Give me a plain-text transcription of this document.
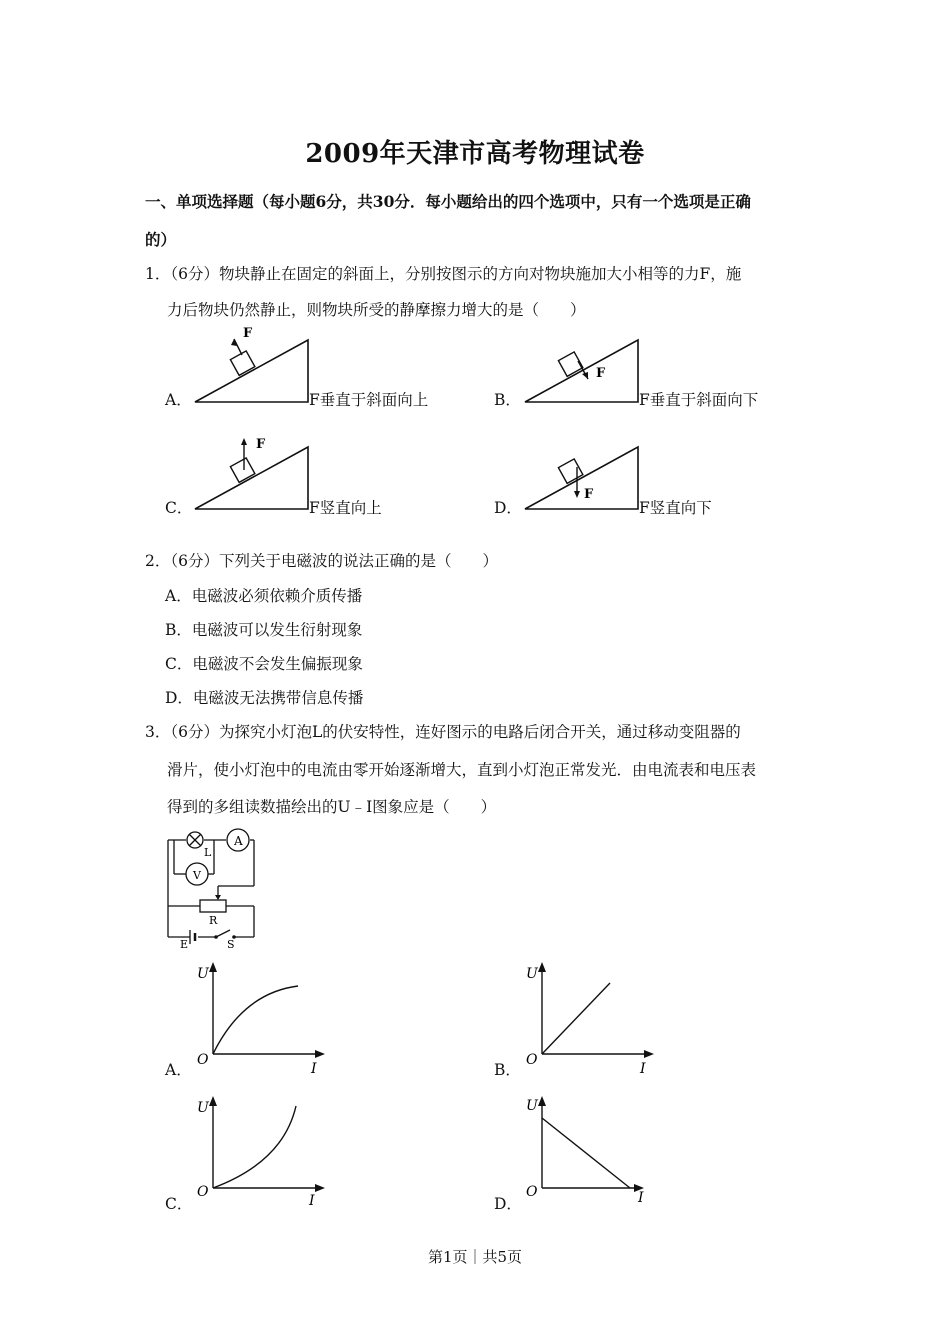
2009年天津市高考物理试卷
一、单项选择题（每小题6分，共30分．每小题给出的四个选项中，只有一个选项是正确
的）
1．（6分）物块静止在固定的斜面上，分别按图示的方向对物块施加大小相等的力F，施
力后物块仍然静止，则物块所受的静摩擦力增大的是（　　）
A．
F
F垂直于斜面向上	B．
F
F垂直于斜面向下
C．
F
F竖直向上	D．
F
F竖直向下
2．（6分）下列关于电磁波的说法正确的是（　　）
A．电磁波必须依赖介质传播
B．电磁波可以发生衍射现象
C．电磁波不会发生偏振现象
D．电磁波无法携带信息传播
3．（6分）为探究小灯泡L的伏安特性，连好图示的电路后闭合开关，通过移动变阻器的
滑片，使小灯泡中的电流由零开始逐渐增大，直到小灯泡正常发光．由电流表和电压表
得到的多组读数描绘出的U﹣I图象应是（　　）
A
V
L
R
E	S
A．
U
I
O
B．
U
I
O
C．
U
I
O
D．
U
I
O
第1页｜共5页
